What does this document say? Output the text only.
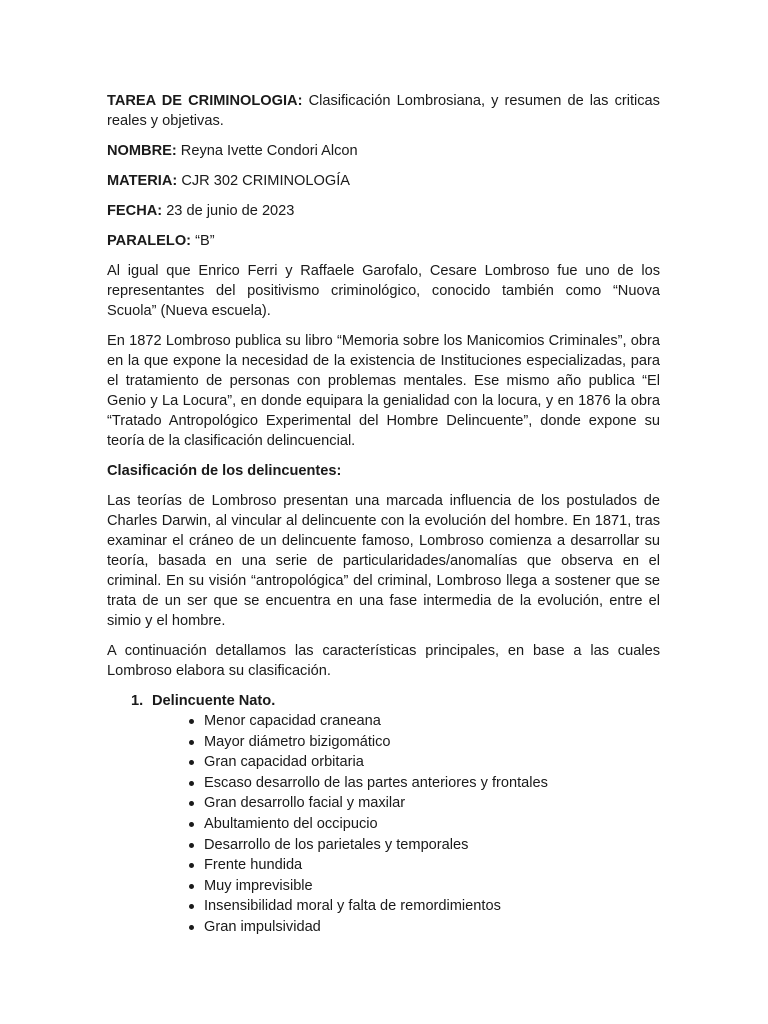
TAREA DE CRIMINOLOGIA: Clasificación Lombrosiana, y resumen de las criticas reales y objetivas.

NOMBRE: Reyna Ivette Condori Alcon

MATERIA: CJR 302 CRIMINOLOGÍA

FECHA: 23 de junio de 2023

PARALELO: “B”

Al igual que Enrico Ferri y Raffaele Garofalo, Cesare Lombroso fue uno de los representantes del positivismo criminológico, conocido también como “Nuova Scuola” (Nueva escuela).

En 1872 Lombroso publica su libro “Memoria sobre los Manicomios Criminales”, obra en la que expone la necesidad de la existencia de Instituciones especializadas, para el tratamiento de personas con problemas mentales. Ese mismo año publica “El Genio y La Locura”, en donde equipara la genialidad con la locura, y en 1876 la obra “Tratado Antropológico Experimental del Hombre Delincuente”, donde expone su teoría de la clasificación delincuencial.

Clasificación de los delincuentes:

Las teorías de Lombroso presentan una marcada influencia de los postulados de Charles Darwin, al vincular al delincuente con la evolución del hombre. En 1871, tras examinar el cráneo de un delincuente famoso, Lombroso comienza a desarrollar su teoría, basada en una serie de particularidades/anomalías que observa en el criminal. En su visión “antropológica” del criminal, Lombroso llega a sostener que se trata de un ser que se encuentra en una fase intermedia de la evolución, entre el simio y el hombre.

A continuación detallamos las características principales, en base a las cuales Lombroso elabora su clasificación.

1. Delincuente Nato.
Menor capacidad craneana
Mayor diámetro bizigomático
Gran capacidad orbitaria
Escaso desarrollo de las partes anteriores y frontales
Gran desarrollo facial y maxilar
Abultamiento del occipucio
Desarrollo de los parietales y temporales
Frente hundida
Muy imprevisible
Insensibilidad moral y falta de remordimientos
Gran impulsividad
